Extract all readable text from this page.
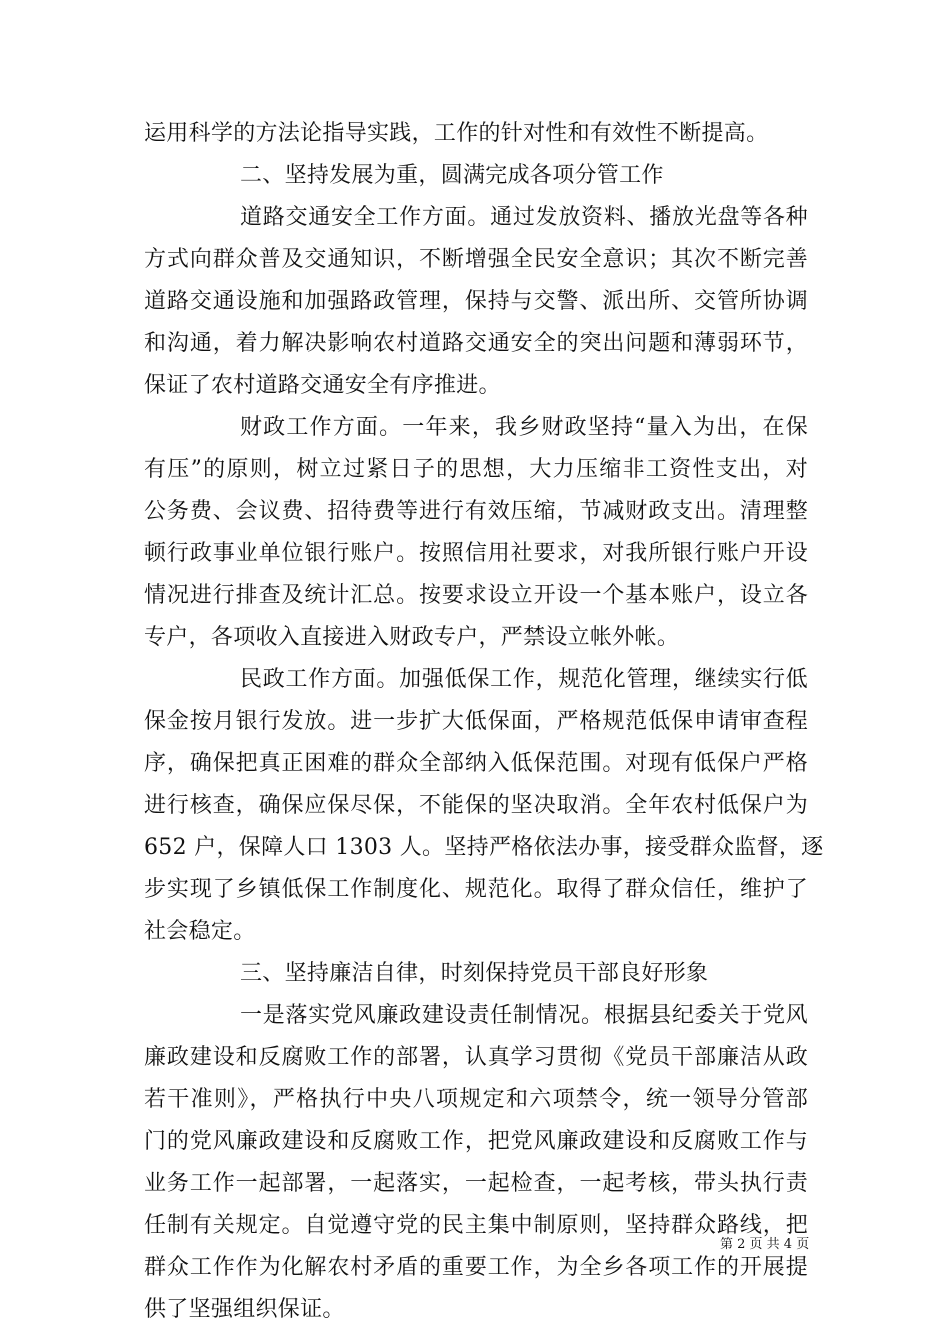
运用科学的方法论指导实践，工作的针对性和有效性不断提高。
二、坚持发展为重，圆满完成各项分管工作
道路交通安全工作方面。通过发放资料、播放光盘等各种
方式向群众普及交通知识，不断增强全民安全意识；其次不断完善
道路交通设施和加强路政管理，保持与交警、派出所、交管所协调
和沟通，着力解决影响农村道路交通安全的突出问题和薄弱环节，
保证了农村道路交通安全有序推进。
财政工作方面。一年来，我乡财政坚持“量入为出，在保
有压”的原则，树立过紧日子的思想，大力压缩非工资性支出，对
公务费、会议费、招待费等进行有效压缩，节减财政支出。清理整
顿行政事业单位银行账户。按照信用社要求，对我所银行账户开设
情况进行排查及统计汇总。按要求设立开设一个基本账户，设立各
专户，各项收入直接进入财政专户，严禁设立帐外帐。
民政工作方面。加强低保工作，规范化管理，继续实行低
保金按月银行发放。进一步扩大低保面，严格规范低保申请审查程
序，确保把真正困难的群众全部纳入低保范围。对现有低保户严格
进行核查，确保应保尽保，不能保的坚决取消。全年农村低保户为
652 户，保障人口 1303 人。坚持严格依法办事，接受群众监督，逐
步实现了乡镇低保工作制度化、规范化。取得了群众信任，维护了
社会稳定。
三、坚持廉洁自律，时刻保持党员干部良好形象
一是落实党风廉政建设责任制情况。根据县纪委关于党风
廉政建设和反腐败工作的部署，认真学习贯彻《党员干部廉洁从政
若干准则》，严格执行中央八项规定和六项禁令，统一领导分管部
门的党风廉政建设和反腐败工作，把党风廉政建设和反腐败工作与
业务工作一起部署，一起落实，一起检查，一起考核，带头执行责
任制有关规定。自觉遵守党的民主集中制原则，坚持群众路线，把
群众工作作为化解农村矛盾的重要工作，为全乡各项工作的开展提
供了坚强组织保证。
第 2 页 共 4 页
